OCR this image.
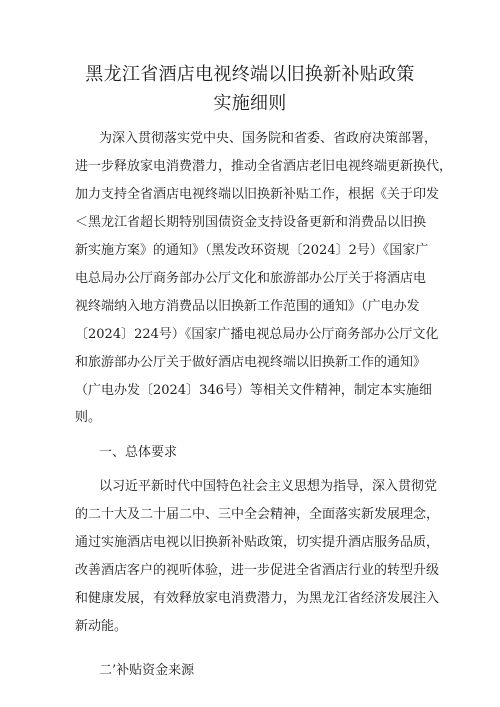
黑龙江省酒店电视终端以旧换新补贴政策
实施细则
为深入贯彻落实党中央、国务院和省委、省政府决策部署，
进一步释放家电消费潜力，推动全省酒店老旧电视终端更新换代，
加力支持全省酒店电视终端以旧换新补贴工作，根据《关于印发
＜黑龙江省超长期特别国债资金支持设备更新和消费品以旧换
新实施方案》的通知》（黑发改环资规〔2024〕2号）《国家广
电总局办公厅商务部办公厅文化和旅游部办公厅关于将酒店电
视终端纳入地方消费品以旧换新工作范围的通知》（广电办发
〔2024〕224号）《国家广播电视总局办公厅商务部办公厅文化
和旅游部办公厅关于做好酒店电视终端以旧换新工作的通知》
（广电办发〔2024〕346号）等相关文件精神，制定本实施细
则。
一、总体要求
以习近平新时代中国特色社会主义思想为指导，深入贯彻党
的二十大及二十届二中、三中全会精神，全面落实新发展理念，
通过实施酒店电视以旧换新补贴政策，切实提升酒店服务品质，
改善酒店客户的视听体验，进一步促进全省酒店行业的转型升级
和健康发展，有效释放家电消费潜力，为黑龙江省经济发展注入
新动能。
二’补贴资金来源
